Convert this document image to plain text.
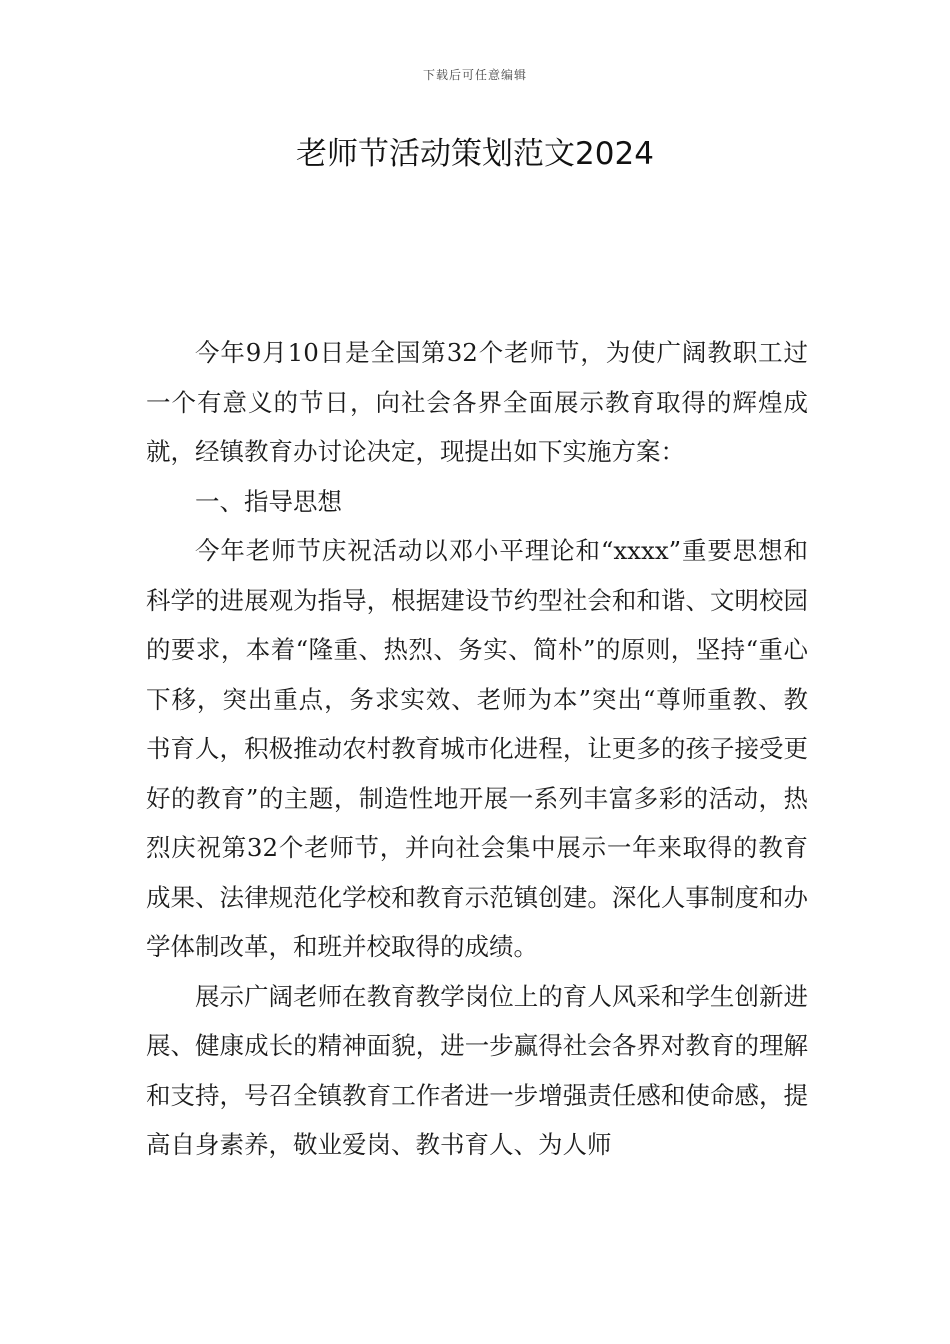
下载后可任意编辑
老师节活动策划范文2024

今年9月10日是全国第32个老师节，为使广阔教职工过一个有意义的节日，向社会各界全面展示教育取得的辉煌成就，经镇教育办讨论决定，现提出如下实施方案：

一、指导思想

今年老师节庆祝活动以邓小平理论和“xxxx”重要思想和科学的进展观为指导，根据建设节约型社会和和谐、文明校园的要求，本着“隆重、热烈、务实、简朴”的原则，坚持“重心下移，突出重点，务求实效、老师为本”突出“尊师重教、教书育人，积极推动农村教育城市化进程，让更多的孩子接受更好的教育”的主题，制造性地开展一系列丰富多彩的活动，热烈庆祝第32个老师节，并向社会集中展示一年来取得的教育成果、法律规范化学校和教育示范镇创建。深化人事制度和办学体制改革，和班并校取得的成绩。

展示广阔老师在教育教学岗位上的育人风采和学生创新进展、健康成长的精神面貌，进一步赢得社会各界对教育的理解和支持，号召全镇教育工作者进一步增强责任感和使命感，提高自身素养，敬业爱岗、教书育人、为人师
